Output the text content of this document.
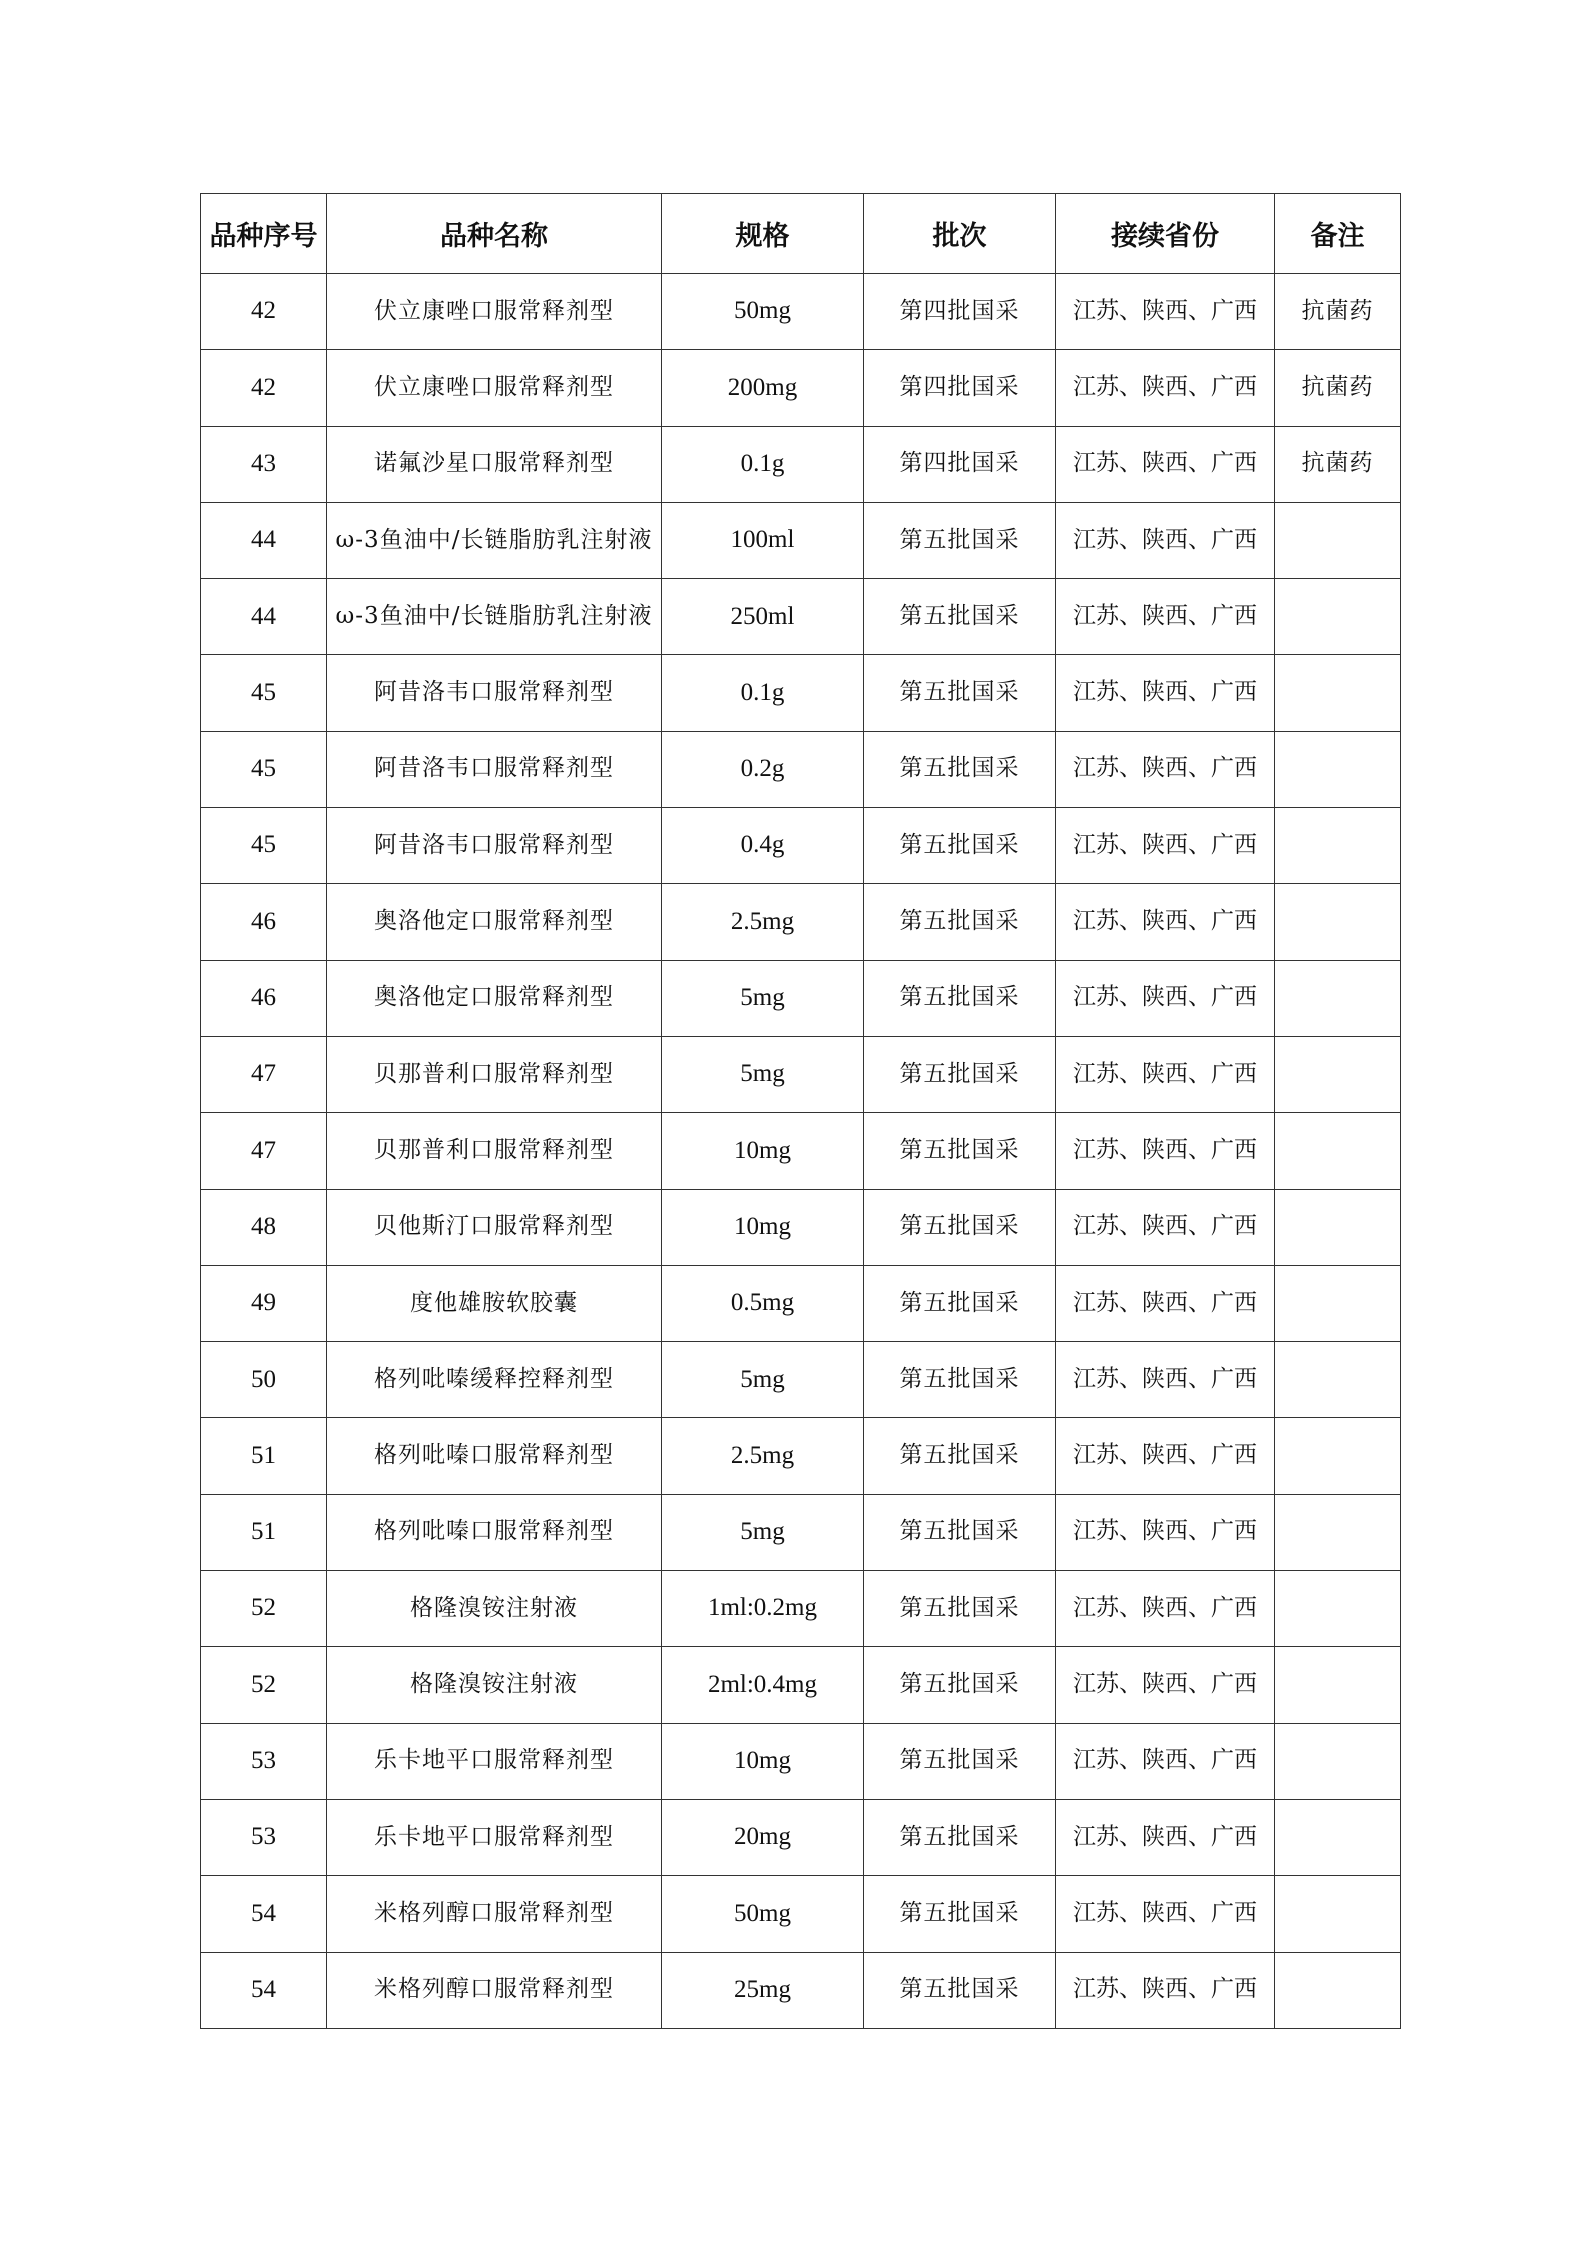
品种序号	品种名称	规格	批次	接续省份	备注
42	伏立康唑口服常释剂型	50mg	第四批国采	江苏、陕西、广西	抗菌药
42	伏立康唑口服常释剂型	200mg	第四批国采	江苏、陕西、广西	抗菌药
43	诺氟沙星口服常释剂型	0.1g	第四批国采	江苏、陕西、广西	抗菌药
44	ω-3鱼油中/长链脂肪乳注射液	100ml	第五批国采	江苏、陕西、广西	
44	ω-3鱼油中/长链脂肪乳注射液	250ml	第五批国采	江苏、陕西、广西	
45	阿昔洛韦口服常释剂型	0.1g	第五批国采	江苏、陕西、广西	
45	阿昔洛韦口服常释剂型	0.2g	第五批国采	江苏、陕西、广西	
45	阿昔洛韦口服常释剂型	0.4g	第五批国采	江苏、陕西、广西	
46	奥洛他定口服常释剂型	2.5mg	第五批国采	江苏、陕西、广西	
46	奥洛他定口服常释剂型	5mg	第五批国采	江苏、陕西、广西	
47	贝那普利口服常释剂型	5mg	第五批国采	江苏、陕西、广西	
47	贝那普利口服常释剂型	10mg	第五批国采	江苏、陕西、广西	
48	贝他斯汀口服常释剂型	10mg	第五批国采	江苏、陕西、广西	
49	度他雄胺软胶囊	0.5mg	第五批国采	江苏、陕西、广西	
50	格列吡嗪缓释控释剂型	5mg	第五批国采	江苏、陕西、广西	
51	格列吡嗪口服常释剂型	2.5mg	第五批国采	江苏、陕西、广西	
51	格列吡嗪口服常释剂型	5mg	第五批国采	江苏、陕西、广西	
52	格隆溴铵注射液	1ml:0.2mg	第五批国采	江苏、陕西、广西	
52	格隆溴铵注射液	2ml:0.4mg	第五批国采	江苏、陕西、广西	
53	乐卡地平口服常释剂型	10mg	第五批国采	江苏、陕西、广西	
53	乐卡地平口服常释剂型	20mg	第五批国采	江苏、陕西、广西	
54	米格列醇口服常释剂型	50mg	第五批国采	江苏、陕西、广西	
54	米格列醇口服常释剂型	25mg	第五批国采	江苏、陕西、广西	
